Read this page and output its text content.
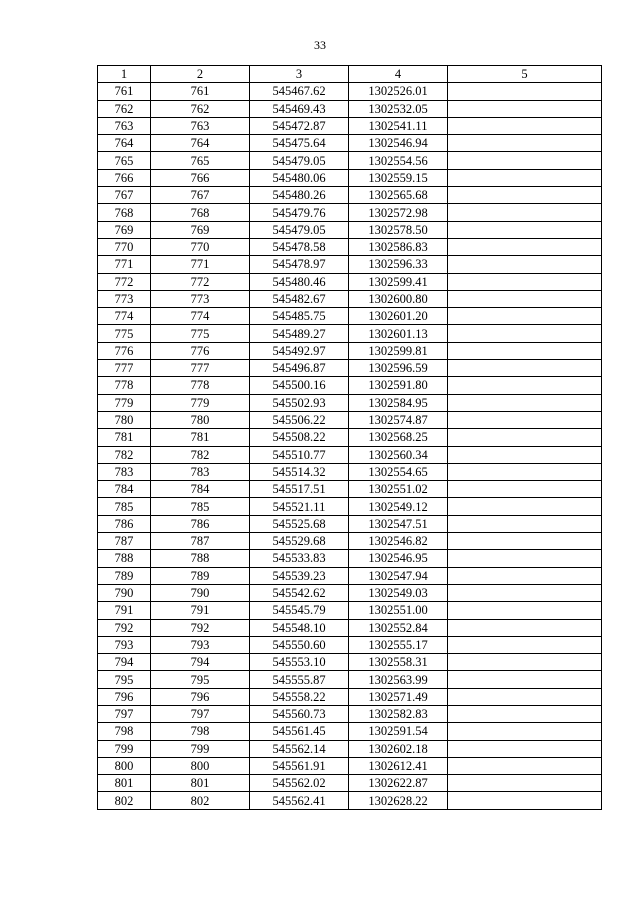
33
1	2	3	4	5
761	761	545467.62	1302526.01	
762	762	545469.43	1302532.05	
763	763	545472.87	1302541.11	
764	764	545475.64	1302546.94	
765	765	545479.05	1302554.56	
766	766	545480.06	1302559.15	
767	767	545480.26	1302565.68	
768	768	545479.76	1302572.98	
769	769	545479.05	1302578.50	
770	770	545478.58	1302586.83	
771	771	545478.97	1302596.33	
772	772	545480.46	1302599.41	
773	773	545482.67	1302600.80	
774	774	545485.75	1302601.20	
775	775	545489.27	1302601.13	
776	776	545492.97	1302599.81	
777	777	545496.87	1302596.59	
778	778	545500.16	1302591.80	
779	779	545502.93	1302584.95	
780	780	545506.22	1302574.87	
781	781	545508.22	1302568.25	
782	782	545510.77	1302560.34	
783	783	545514.32	1302554.65	
784	784	545517.51	1302551.02	
785	785	545521.11	1302549.12	
786	786	545525.68	1302547.51	
787	787	545529.68	1302546.82	
788	788	545533.83	1302546.95	
789	789	545539.23	1302547.94	
790	790	545542.62	1302549.03	
791	791	545545.79	1302551.00	
792	792	545548.10	1302552.84	
793	793	545550.60	1302555.17	
794	794	545553.10	1302558.31	
795	795	545555.87	1302563.99	
796	796	545558.22	1302571.49	
797	797	545560.73	1302582.83	
798	798	545561.45	1302591.54	
799	799	545562.14	1302602.18	
800	800	545561.91	1302612.41	
801	801	545562.02	1302622.87	
802	802	545562.41	1302628.22	
